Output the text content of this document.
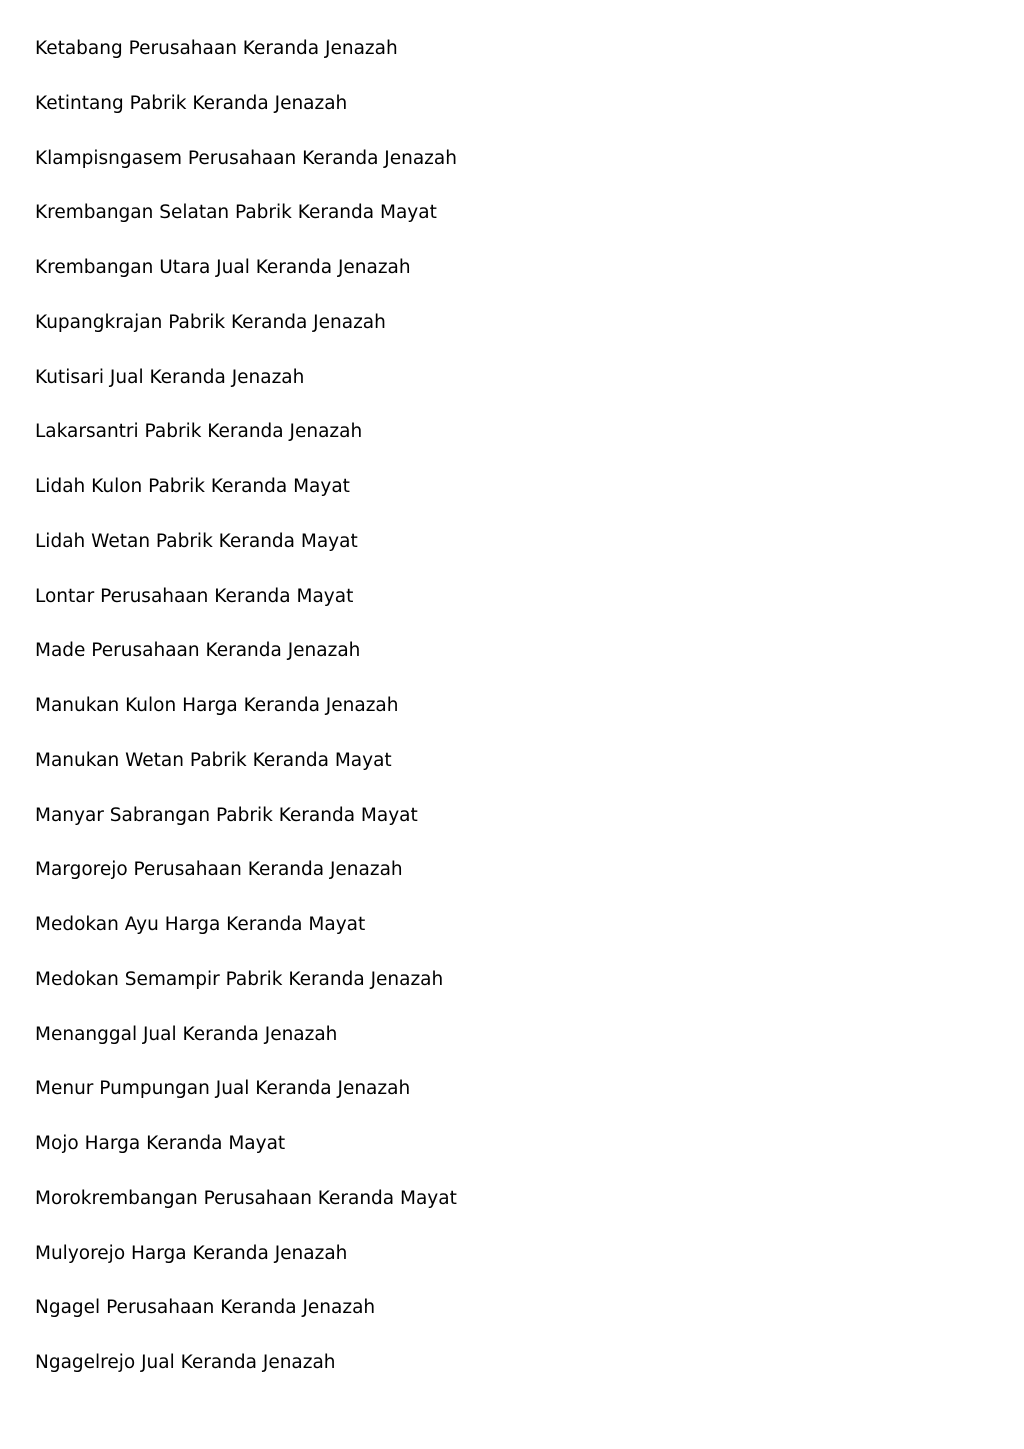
Ketabang Perusahaan Keranda Jenazah
Ketintang Pabrik Keranda Jenazah
Klampisngasem Perusahaan Keranda Jenazah
Krembangan Selatan Pabrik Keranda Mayat
Krembangan Utara Jual Keranda Jenazah
Kupangkrajan Pabrik Keranda Jenazah
Kutisari Jual Keranda Jenazah
Lakarsantri Pabrik Keranda Jenazah
Lidah Kulon Pabrik Keranda Mayat
Lidah Wetan Pabrik Keranda Mayat
Lontar Perusahaan Keranda Mayat
Made Perusahaan Keranda Jenazah
Manukan Kulon Harga Keranda Jenazah
Manukan Wetan Pabrik Keranda Mayat
Manyar Sabrangan Pabrik Keranda Mayat
Margorejo Perusahaan Keranda Jenazah
Medokan Ayu Harga Keranda Mayat
Medokan Semampir Pabrik Keranda Jenazah
Menanggal Jual Keranda Jenazah
Menur Pumpungan Jual Keranda Jenazah
Mojo Harga Keranda Mayat
Morokrembangan Perusahaan Keranda Mayat
Mulyorejo Harga Keranda Jenazah
Ngagel Perusahaan Keranda Jenazah
Ngagelrejo Jual Keranda Jenazah
